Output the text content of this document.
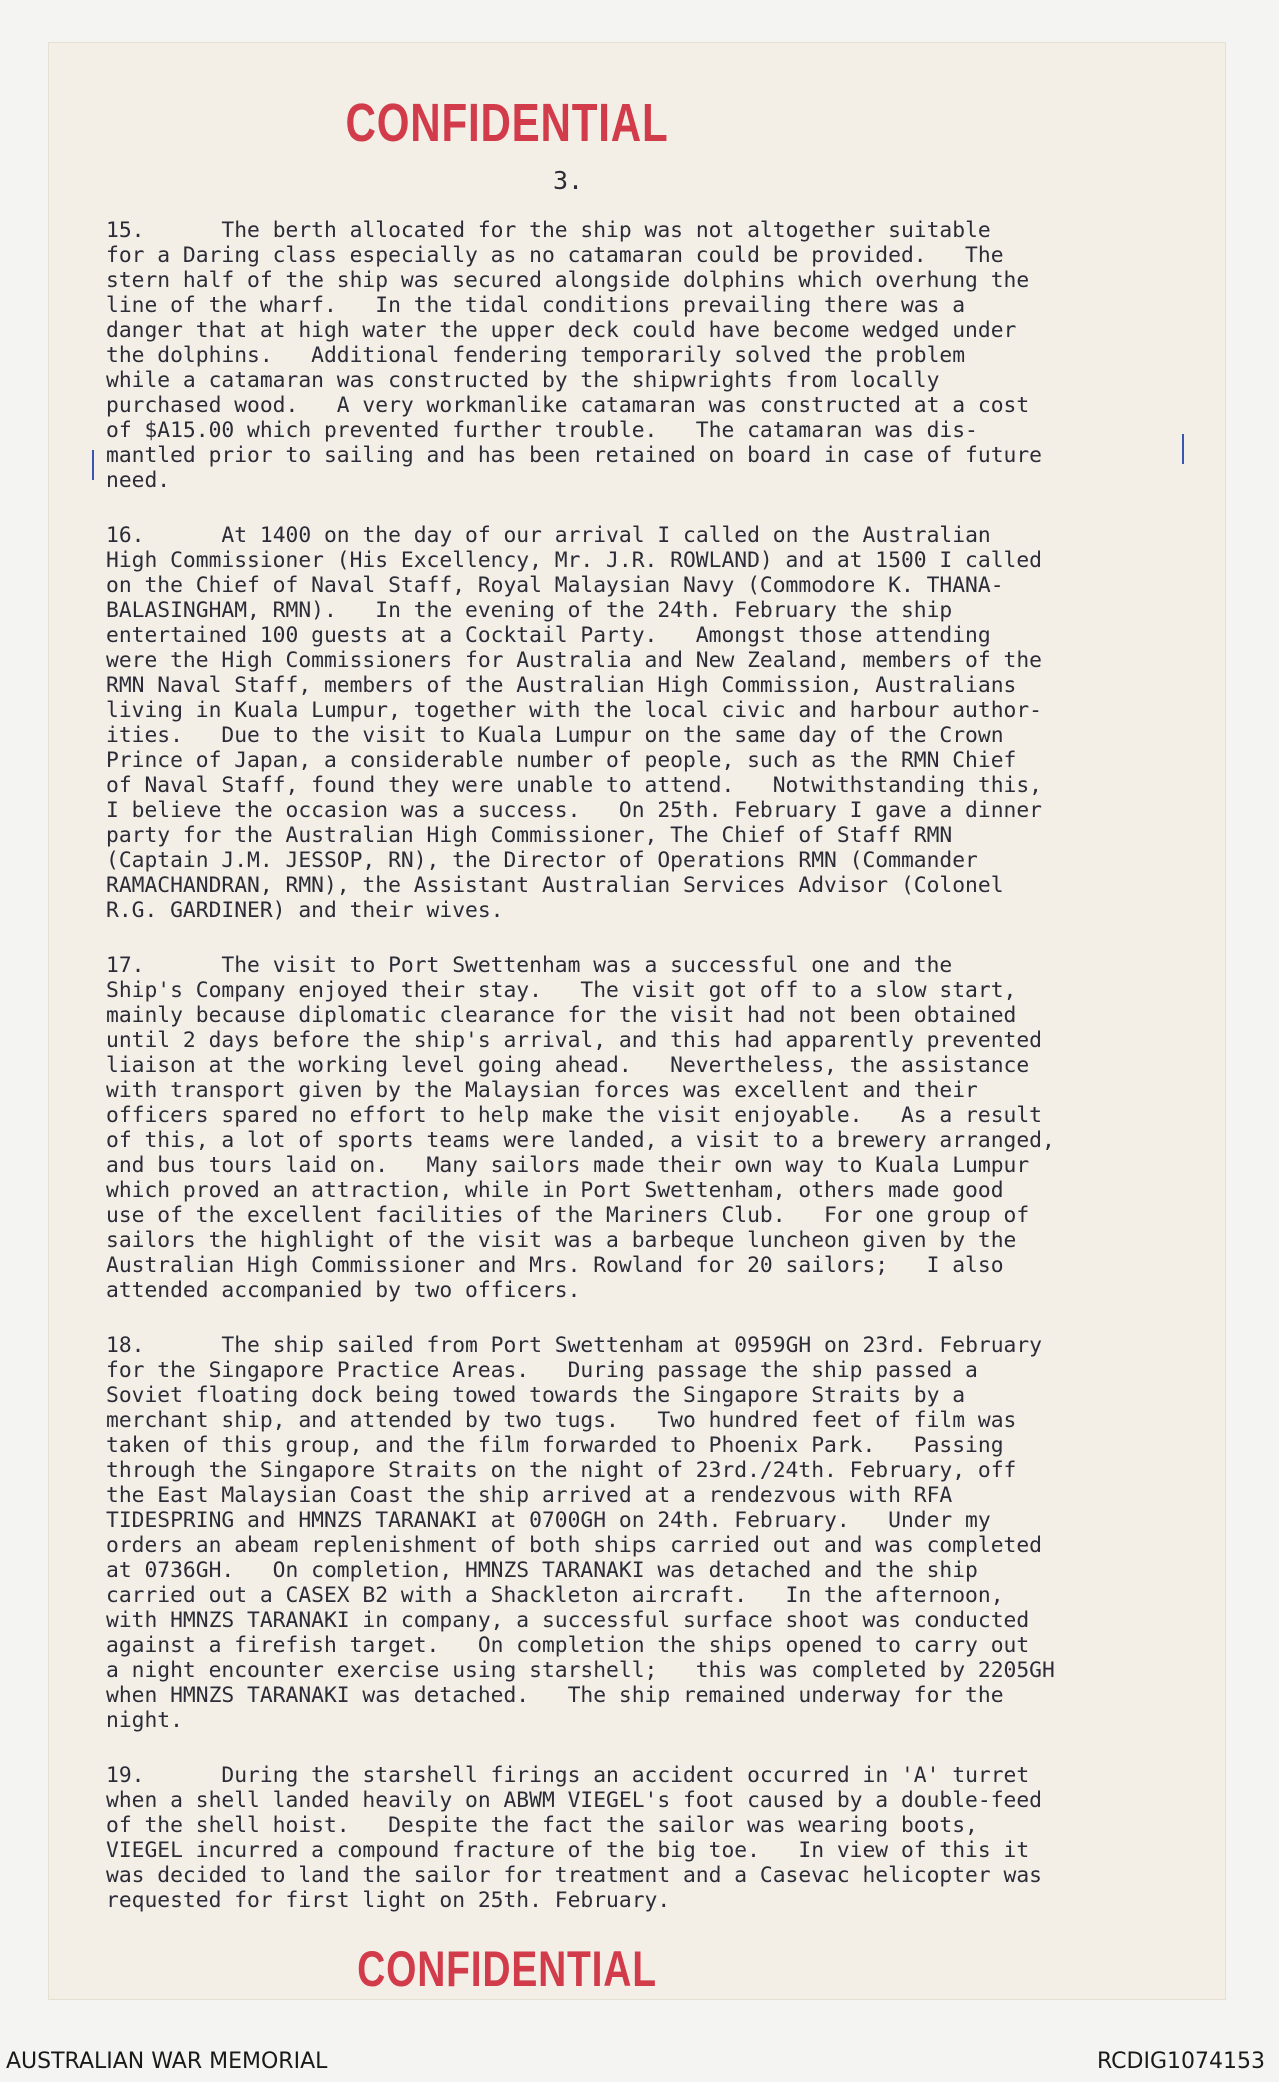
CONFIDENTIAL
3.
15.	The berth allocated for the ship was not altogether suitable
for a Daring class especially as no catamaran could be provided.   The
stern half of the ship was secured alongside dolphins which overhung the
line of the wharf.   In the tidal conditions prevailing there was a
danger that at high water the upper deck could have become wedged under
the dolphins.   Additional fendering temporarily solved the problem
while a catamaran was constructed by the shipwrights from locally
purchased wood.   A very workmanlike catamaran was constructed at a cost
of $A15.00 which prevented further trouble.   The catamaran was dis-
mantled prior to sailing and has been retained on board in case of future
need.
16.	At 1400 on the day of our arrival I called on the Australian
High Commissioner (His Excellency, Mr. J.R. ROWLAND) and at 1500 I called
on the Chief of Naval Staff, Royal Malaysian Navy (Commodore K. THANA-
BALASINGHAM, RMN).   In the evening of the 24th. February the ship
entertained 100 guests at a Cocktail Party.   Amongst those attending
were the High Commissioners for Australia and New Zealand, members of the
RMN Naval Staff, members of the Australian High Commission, Australians
living in Kuala Lumpur, together with the local civic and harbour author-
ities.   Due to the visit to Kuala Lumpur on the same day of the Crown
Prince of Japan, a considerable number of people, such as the RMN Chief
of Naval Staff, found they were unable to attend.   Notwithstanding this,
I believe the occasion was a success.   On 25th. February I gave a dinner
party for the Australian High Commissioner, The Chief of Staff RMN
(Captain J.M. JESSOP, RN), the Director of Operations RMN (Commander
RAMACHANDRAN, RMN), the Assistant Australian Services Advisor (Colonel
R.G. GARDINER) and their wives.
17.	The visit to Port Swettenham was a successful one and the
Ship's Company enjoyed their stay.   The visit got off to a slow start,
mainly because diplomatic clearance for the visit had not been obtained
until 2 days before the ship's arrival, and this had apparently prevented
liaison at the working level going ahead.   Nevertheless, the assistance
with transport given by the Malaysian forces was excellent and their
officers spared no effort to help make the visit enjoyable.   As a result
of this, a lot of sports teams were landed, a visit to a brewery arranged,
and bus tours laid on.   Many sailors made their own way to Kuala Lumpur
which proved an attraction, while in Port Swettenham, others made good
use of the excellent facilities of the Mariners Club.   For one group of
sailors the highlight of the visit was a barbeque luncheon given by the
Australian High Commissioner and Mrs. Rowland for 20 sailors;   I also
attended accompanied by two officers.
18.	The ship sailed from Port Swettenham at 0959GH on 23rd. February
for the Singapore Practice Areas.   During passage the ship passed a
Soviet floating dock being towed towards the Singapore Straits by a
merchant ship, and attended by two tugs.   Two hundred feet of film was
taken of this group, and the film forwarded to Phoenix Park.   Passing
through the Singapore Straits on the night of 23rd./24th. February, off
the East Malaysian Coast the ship arrived at a rendezvous with RFA
TIDESPRING and HMNZS TARANAKI at 0700GH on 24th. February.   Under my
orders an abeam replenishment of both ships carried out and was completed
at 0736GH.   On completion, HMNZS TARANAKI was detached and the ship
carried out a CASEX B2 with a Shackleton aircraft.   In the afternoon,
with HMNZS TARANAKI in company, a successful surface shoot was conducted
against a firefish target.   On completion the ships opened to carry out
a night encounter exercise using starshell;   this was completed by 2205GH
when HMNZS TARANAKI was detached.   The ship remained underway for the
night.
19.	During the starshell firings an accident occurred in 'A' turret
when a shell landed heavily on ABWM VIEGEL's foot caused by a double-feed
of the shell hoist.   Despite the fact the sailor was wearing boots,
VIEGEL incurred a compound fracture of the big toe.   In view of this it
was decided to land the sailor for treatment and a Casevac helicopter was
requested for first light on 25th. February.
CONFIDENTIAL
AUSTRALIAN WAR MEMORIAL	RCDIG1074153
